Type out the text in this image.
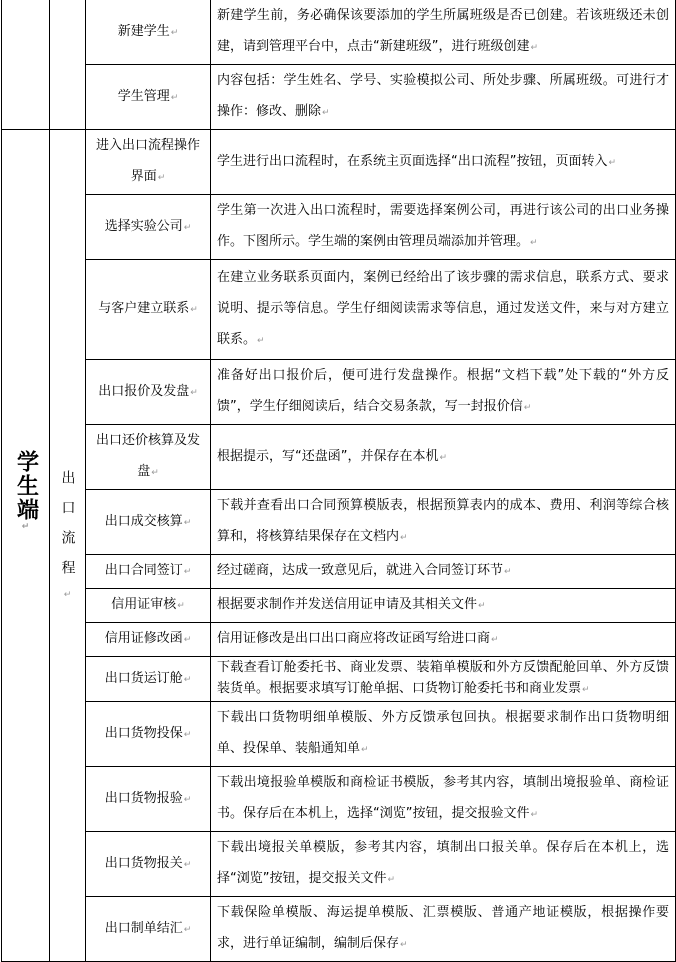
		新建学生 ↵	新建学生前，务必确保该要添加的学生所属班级是否已创建。若该班级还未创建，请到管理平台中，点击“新建班级”，进行班级创建 ↵
		学生管理 ↵	内容包括：学生姓名、学号、实验模拟公司、所处步骤、所属班级。可进行才操作：修改、删除 ↵
学生端 ↵	出口流程 ↵	进入出口流程操作界面 ↵	学生进行出口流程时，在系统主页面选择“出口流程”按钮，页面转入 ↵
		选择实验公司 ↵	学生第一次进入出口流程时，需要选择案例公司，再进行该公司的出口业务操作。下图所示。学生端的案例由管理员端添加并管理。 ↵
		与客户建立联系 ↵	在建立业务联系页面内，案例已经给出了该步骤的需求信息，联系方式、要求说明、提示等信息。学生仔细阅读需求等信息，通过发送文件，来与对方建立联系。 ↵
		出口报价及发盘 ↵	准备好出口报价后，便可进行发盘操作。根据“文档下载”处下载的“外方反馈”，学生仔细阅读后，结合交易条款，写一封报价信 ↵
		出口还价核算及发盘 ↵	根据提示，写“还盘函”，并保存在本机 ↵
		出口成交核算 ↵	下载并查看出口合同预算模版表，根据预算表内的成本、费用、利润等综合核算和，将核算结果保存在文档内 ↵
		出口合同签订 ↵	经过磋商，达成一致意见后，就进入合同签订环节 ↵
		信用证审核 ↵	根据要求制作并发送信用证申请及其相关文件 ↵
		信用证修改函 ↵	信用证修改是出口出口商应将改证函写给进口商 ↵
		出口货运订舱 ↵	下载查看订舱委托书、商业发票、装箱单模版和外方反馈配舱回单、外方反馈装货单。根据要求填写订舱单据、口货物订舱委托书和商业发票 ↵
		出口货物投保 ↵	下载出口货物明细单模版、外方反馈承包回执。根据要求制作出口货物明细单、投保单、装船通知单 ↵
		出口货物报验 ↵	下载出境报验单模版和商检证书模版，参考其内容，填制出境报验单、商检证书。保存后在本机上，选择“浏览”按钮，提交报验文件 ↵
		出口货物报关 ↵	下载出境报关单模版，参考其内容，填制出口报关单。保存后在本机上，选择“浏览”按钮，提交报关文件 ↵
		出口制单结汇 ↵	下载保险单模版、海运提单模版、汇票模版、普通产地证模版，根据操作要求，进行单证编制，编制后保存 ↵
